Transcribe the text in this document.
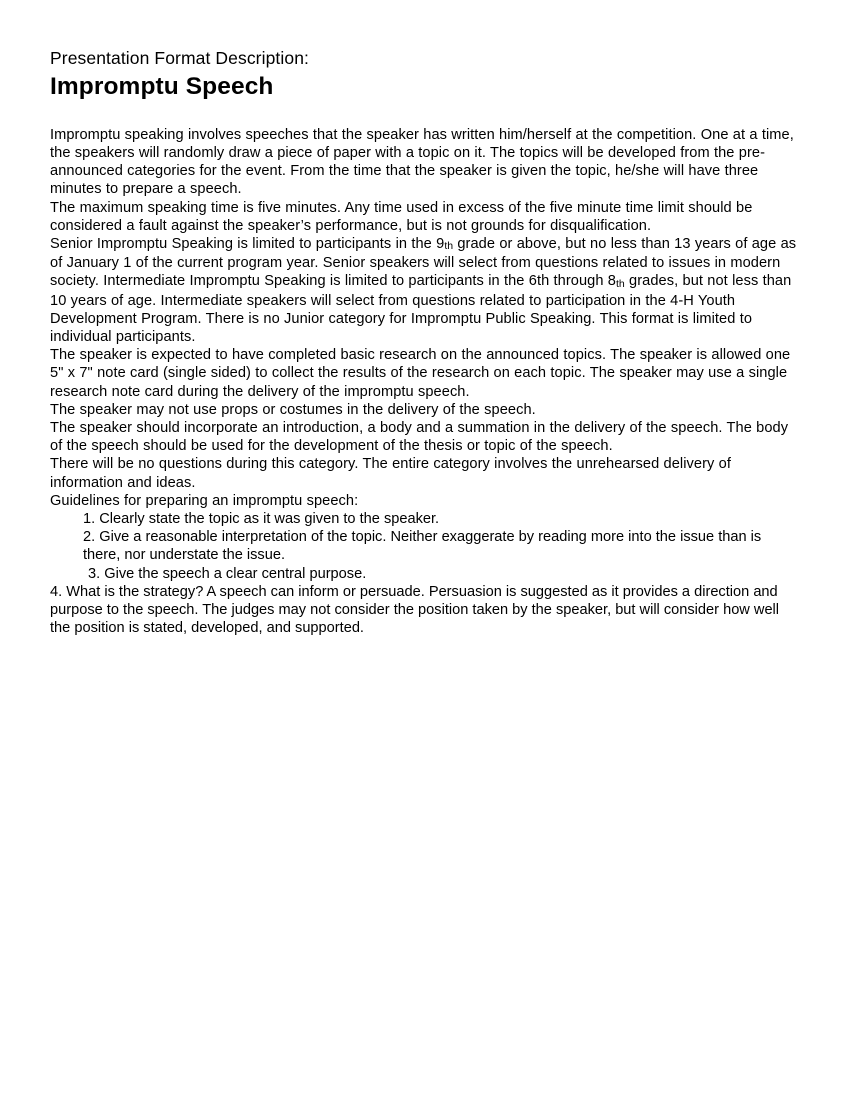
Presentation Format Description:
Impromptu Speech

Impromptu speaking involves speeches that the speaker has written him/herself at the competition. One at a time, the speakers will randomly draw a piece of paper with a topic on it. The topics will be developed from the pre-announced categories for the event. From the time that the speaker is given the topic, he/she will have three minutes to prepare a speech.

The maximum speaking time is five minutes. Any time used in excess of the five minute time limit should be considered a fault against the speaker’s performance, but is not grounds for disqualification.

Senior Impromptu Speaking is limited to participants in the $9_{th}$ grade or above, but no less than 13 years of age as of January 1 of the current program year. Senior speakers will select from questions related to issues in modern society. Intermediate Impromptu Speaking is limited to participants in the 6th through $8_{th}$ grades, but not less than 10 years of age. Intermediate speakers will select from questions related to participation in the 4-H Youth Development Program. There is no Junior category for Impromptu Public Speaking. This format is limited to individual participants.

The speaker is expected to have completed basic research on the announced topics. The speaker is allowed one 5" x 7" note card (single sided) to collect the results of the research on each topic. The speaker may use a single research note card during the delivery of the impromptu speech.

The speaker may not use props or costumes in the delivery of the speech.

The speaker should incorporate an introduction, a body and a summation in the delivery of the speech. The body of the speech should be used for the development of the thesis or topic of the speech.

There will be no questions during this category. The entire category involves the unrehearsed delivery of information and ideas.

Guidelines for preparing an impromptu speech:

1. Clearly state the topic as it was given to the speaker.

2. Give a reasonable interpretation of the topic. Neither exaggerate by reading more into the issue than is there, nor understate the issue.

3. Give the speech a clear central purpose.

4. What is the strategy? A speech can inform or persuade. Persuasion is suggested as it provides a direction and purpose to the speech. The judges may not consider the position taken by the speaker, but will consider how well the position is stated, developed, and supported.
